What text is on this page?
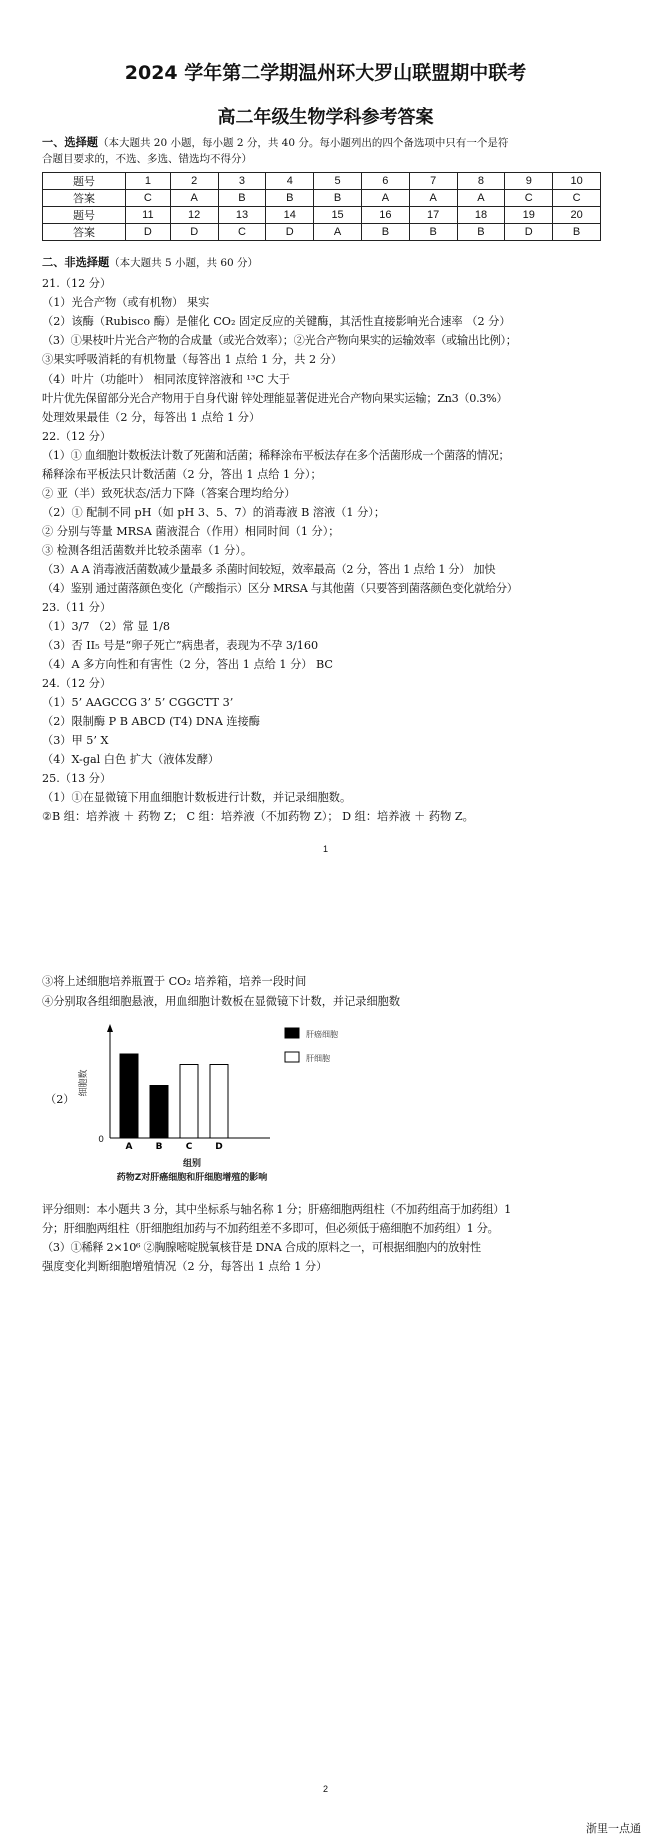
2024 学年第二学期温州环大罗山联盟期中联考
高二年级生物学科参考答案
一、选择题（本大题共 20 小题，每小题 2 分，共 40 分。每小题列出的四个备选项中只有一个是符
合题目要求的，不选、多选、错选均不得分）
题号	1	2	3	4	5	6	7	8	9	10
答案	C	A	B	B	B	A	A	A	C	C
题号	11	12	13	14	15	16	17	18	19	20
答案	D	D	C	D	A	B	B	B	D	B
二、非选择题（本大题共 5 小题，共 60 分）
21.（12 分）
（1）光合产物（或有机物） 果实
（2）该酶（Rubisco 酶）是催化 CO₂ 固定反应的关键酶，其活性直接影响光合速率 （2 分）
（3）①果枝叶片光合产物的合成量（或光合效率）；②光合产物向果实的运输效率（或输出比例）；
③果实呼吸消耗的有机物量（每答出 1 点给 1 分，共 2 分）
（4）叶片（功能叶） 相同浓度锌溶液和 ¹³C 大于
叶片优先保留部分光合产物用于自身代谢 锌处理能显著促进光合产物向果实运输；Zn3（0.3%）
处理效果最佳（2 分，每答出 1 点给 1 分）
22.（12 分）
（1）① 血细胞计数板法计数了死菌和活菌；稀释涂布平板法存在多个活菌形成一个菌落的情况；
稀释涂布平板法只计数活菌（2 分，答出 1 点给 1 分）；
② 亚（半）致死状态/活力下降（答案合理均给分）
（2）① 配制不同 pH（如 pH 3、5、7）的消毒液 B 溶液（1 分）；
② 分别与等量 MRSA 菌液混合（作用）相同时间（1 分）；
③ 检测各组活菌数并比较杀菌率（1 分）。
（3）A A 消毒液活菌数减少量最多 杀菌时间较短，效率最高（2 分，答出 1 点给 1 分） 加快
（4）鉴别 通过菌落颜色变化（产酸指示）区分 MRSA 与其他菌（只要答到菌落颜色变化就给分）
23.（11 分）
（1）3/7 （2）常 显 1/8
（3）否 II₅ 号是“卵子死亡”病患者，表现为不孕 3/160
（4）A 多方向性和有害性（2 分，答出 1 点给 1 分） BC
24.（12 分）
（1）5’ AAGCCG 3’ 5’ CGGCTT 3’
（2）限制酶 P B ABCD (T4) DNA 连接酶
（3）甲 5’ X
（4）X-gal 白色 扩大（液体发酵）
25.（13 分）
（1）①在显微镜下用血细胞计数板进行计数，并记录细胞数。
②B 组：培养液 ＋ 药物 Z； C 组：培养液（不加药物 Z）； D 组：培养液 ＋ 药物 Z。
1
③将上述细胞培养瓶置于 CO₂ 培养箱，培养一段时间
④分别取各组细胞悬液，用血细胞计数板在显微镜下计数，并记录细胞数
（2）
细胞数
0
A	B	C	D
组别
药物Z对肝癌细胞和肝细胞增殖的影响
肝癌细胞
肝细胞
评分细则：本小题共 3 分，其中坐标系与轴名称 1 分；肝癌细胞两组柱（不加药组高于加药组）1
分；肝细胞两组柱（肝细胞组加药与不加药组差不多即可，但必须低于癌细胞不加药组）1 分。
（3）①稀释 2×10⁶ ②胸腺嘧啶脱氧核苷是 DNA 合成的原料之一，可根据细胞内的放射性
强度变化判断细胞增殖情况（2 分，每答出 1 点给 1 分）
2
浙里一点通
